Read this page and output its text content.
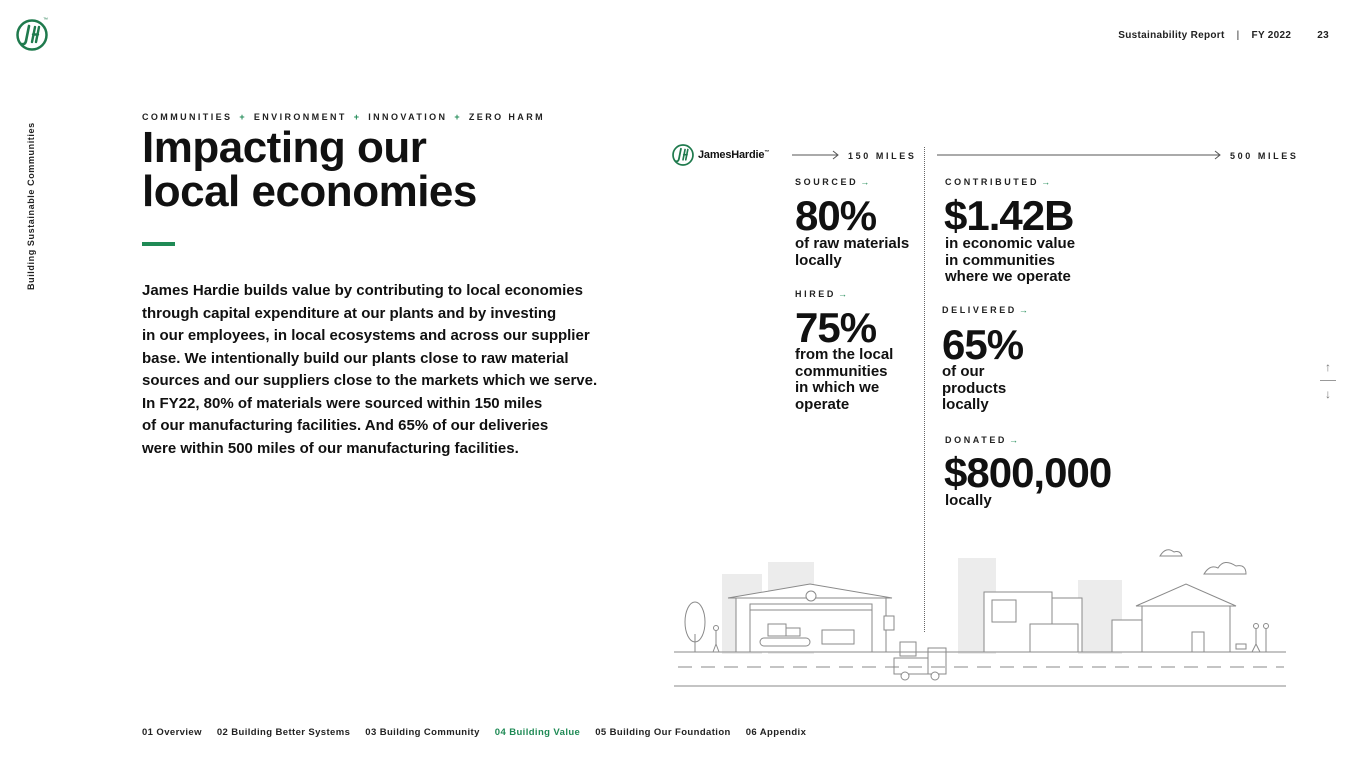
™
Sustainability Report | FY 2022	23
Building Sustainable Communities
COMMUNITIES + ENVIRONMENT + INNOVATION + ZERO HARM
Impacting our
local economies
James Hardie builds value by contributing to local economies
through capital expenditure at our plants and by investing
in our employees, in local ecosystems and across our supplier
base. We intentionally build our plants close to raw material
sources and our suppliers close to the markets which we serve.
In FY22, 80% of materials were sourced within 150 miles
of our manufacturing facilities. And 65% of our deliveries
were within 500 miles of our manufacturing facilities.
JamesHardie™	150 MILES	500 MILES
SOURCED →
80%
of raw materials
locally
HIRED →
75%
from the local
communities
in which we
operate
CONTRIBUTED →
$1.42B
in economic value
in communities
where we operate
DELIVERED →
65%
of our
products
locally
DONATED →
$800,000
locally
↑
↓
01 Overview 02 Building Better Systems 03 Building Community 04 Building Value 05 Building Our Foundation 06 Appendix
